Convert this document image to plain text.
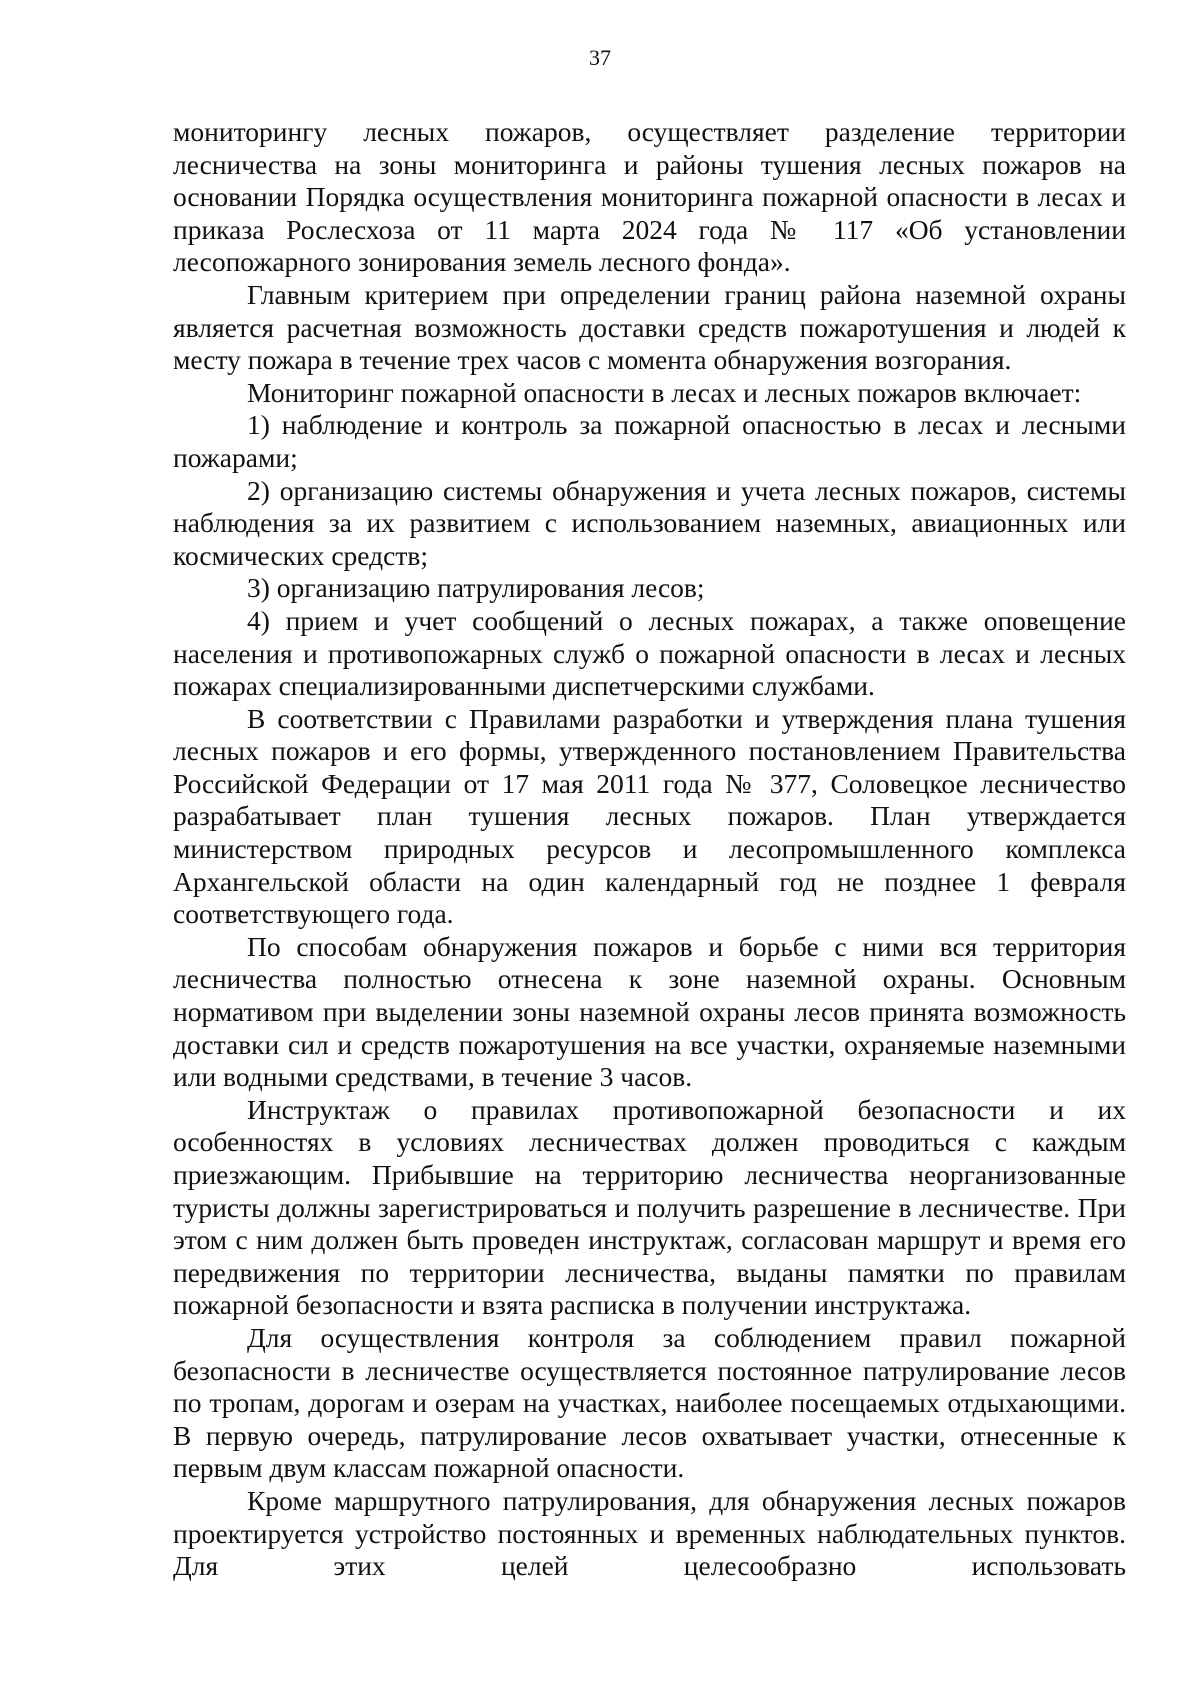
37

мониторингу лесных пожаров, осуществляет разделение территории лесничества на зоны мониторинга и районы тушения лесных пожаров на основании Порядка осуществления мониторинга пожарной опасности в лесах и приказа Рослесхоза от 11 марта 2024 года № 117 «Об установлении лесопожарного зонирования земель лесного фонда».

Главным критерием при определении границ района наземной охраны является расчетная возможность доставки средств пожаротушения и людей к месту пожара в течение трех часов с момента обнаружения возгорания.

Мониторинг пожарной опасности в лесах и лесных пожаров включает:

1) наблюдение и контроль за пожарной опасностью в лесах и лесными пожарами;

2) организацию системы обнаружения и учета лесных пожаров, системы наблюдения за их развитием с использованием наземных, авиационных или космических средств;

3) организацию патрулирования лесов;

4) прием и учет сообщений о лесных пожарах, а также оповещение населения и противопожарных служб о пожарной опасности в лесах и лесных пожарах специализированными диспетчерскими службами.

В соответствии с Правилами разработки и утверждения плана тушения лесных пожаров и его формы, утвержденного постановлением Правительства Российской Федерации от 17 мая 2011 года № 377, Соловецкое лесничество разрабатывает план тушения лесных пожаров. План утверждается министерством природных ресурсов и лесопромышленного комплекса Архангельской области на один календарный год не позднее 1 февраля соответствующего года.

По способам обнаружения пожаров и борьбе с ними вся территория лесничества полностью отнесена к зоне наземной охраны. Основным нормативом при выделении зоны наземной охраны лесов принята возможность доставки сил и средств пожаротушения на все участки, охраняемые наземными или водными средствами, в течение 3 часов.

Инструктаж о правилах противопожарной безопасности и их особенностях в условиях лесничествах должен проводиться с каждым приезжающим. Прибывшие на территорию лесничества неорганизованные туристы должны зарегистрироваться и получить разрешение в лесничестве. При этом с ним должен быть проведен инструктаж, согласован маршрут и время его передвижения по территории лесничества, выданы памятки по правилам пожарной безопасности и взята расписка в получении инструктажа.

Для осуществления контроля за соблюдением правил пожарной безопасности в лесничестве осуществляется постоянное патрулирование лесов по тропам, дорогам и озерам на участках, наиболее посещаемых отдыхающими. В первую очередь, патрулирование лесов охватывает участки, отнесенные к первым двум классам пожарной опасности.

Кроме маршрутного патрулирования, для обнаружения лесных пожаров проектируется устройство постоянных и временных наблюдательных пунктов. Для этих целей целесообразно использовать
